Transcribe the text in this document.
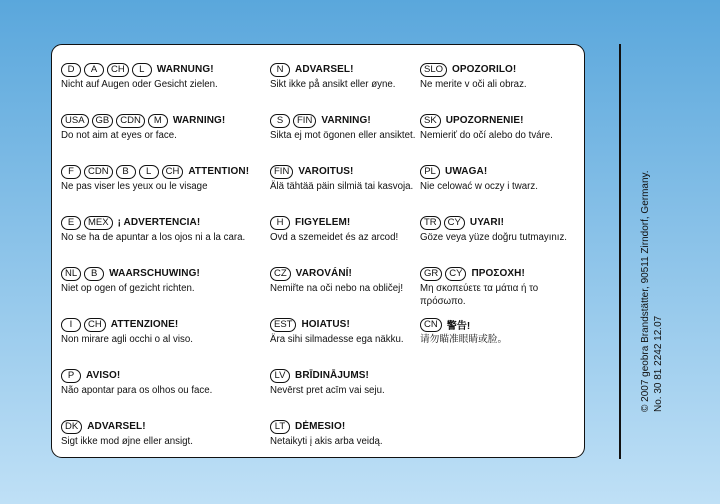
D	A	CH	L	WARNUNG!
Nicht auf Augen oder Gesicht zielen.
USA	GB	CDN	M	WARNING!
Do not aim at eyes or face.
F	CDN	B	L	CH ATTENTION!
Ne pas viser les yeux ou le visage
E	MEX ¡ ADVERTENCIA!
No se ha de apuntar a los ojos ni a la cara.
NL	B	WAARSCHUWING!
Niet op ogen of gezicht richten.
I	CH ATTENZIONE!
Non mirare agli occhi o al viso.
P	AVISO!
Não apontar para os olhos ou face.
DK ADVARSEL!
Sigt ikke mod øjne eller ansigt.
N	ADVARSEL!
Sikt ikke på ansikt eller øyne.
S	FIN VARNING!
Sikta ej mot ögonen eller ansiktet.
FIN VAROITUS!
Älä tähtää päin silmiä tai kasvoja.
H	FIGYELEM!
Ovd a szemeidet és az arcod!
CZ VAROVÁNÍ!
Nemiřte na oči nebo na obličej!
EST HOIATUS!
Ära sihi silmadesse ega näkku.
LV BRĪDINĀJUMS!
Nevērst pret acīm vai seju.
LT DĖMESIO!
Netaikyti į akis arba veidą.
SLO OPOZORILO!
Ne merite v oči ali obraz.
SK UPOZORNENIE!
Nemieriť do očí alebo do tváre.
PL UWAGA!
Nie celować w oczy i twarz.
TR	CY UYARI!
Göze veya yüze doğru tutmayınız.
GR	CY ΠΡΟΣΟΧΗ!
Μη σκοπεύετε τα μάτια ή το πρόσωπο.
CN 警告!
请勿瞄准眼睛或脸。	© 2007 geobra Brandstätter, 90511 Zirndorf, Germany. No. 30 81 2242 12.07
